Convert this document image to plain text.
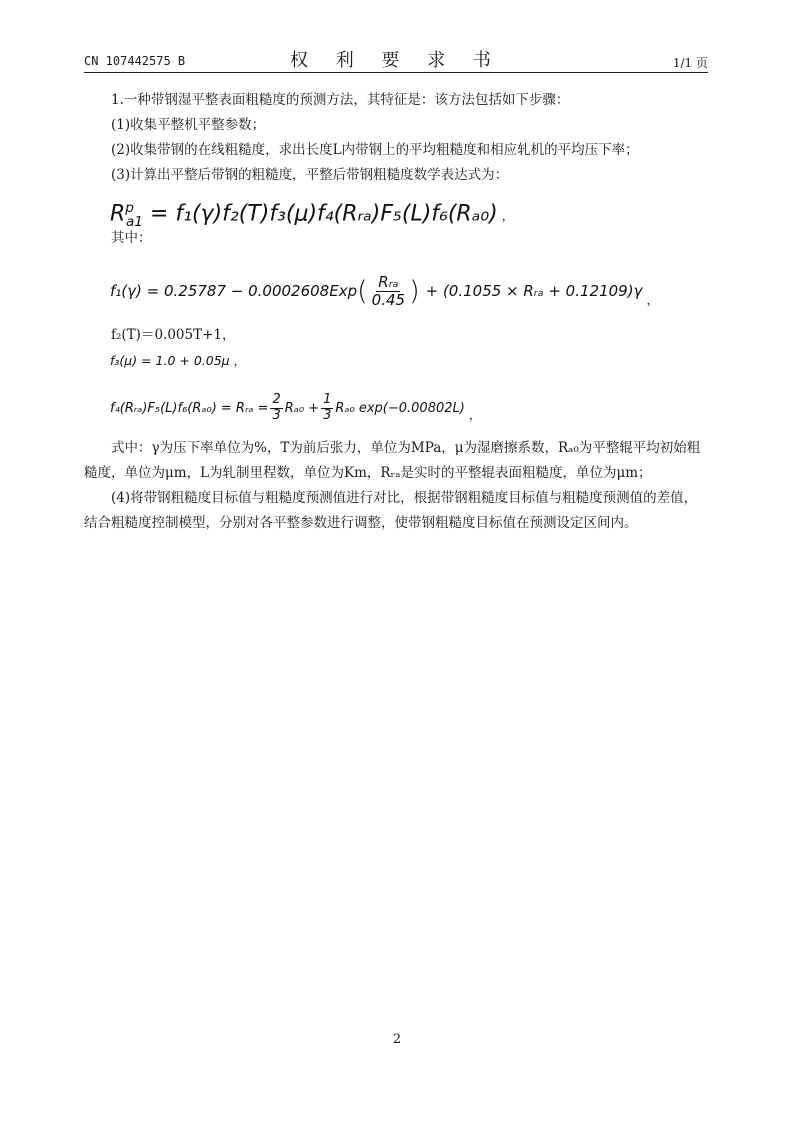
CN 107442575 B	权 利 要 求 书	1/1 页

1.一种带钢湿平整表面粗糙度的预测方法，其特征是：该方法包括如下步骤：

(1)收集平整机平整参数；

(2)收集带钢的在线粗糙度，求出长度L内带钢上的平均粗糙度和相应轧机的平均压下率；

(3)计算出平整后带钢的粗糙度，平整后带钢粗糙度数学表达式为：

$R^p_{a1}$ = f₁(γ)f₂(T)f₃(μ)f₄(Rᵣₐ)F₅(L)f₆(Rₐ₀) ，

其中：

f₁(γ) = 0.25787 − 0.0002608Exp ( $\frac{\text{Rᵣₐ}}{0.45}$ ) + (0.1055 × Rᵣₐ + 0.12109)γ
，

f₂(T)＝0.005T+1，

f₃(μ) = 1.0 + 0.05μ ，
f₄(Rᵣₐ)F₅(L)f₆(Rₐ₀) = Rᵣₐ = $\frac{2}{3} R_{a0} + \frac{1}{3} R_{a0}$ exp(−0.00802L) ，

式中：γ为压下率单位为%，T为前后张力，单位为MPa，μ为湿磨擦系数，Rₐ₀为平整辊平均初始粗糙度，单位为μm，L为轧制里程数，单位为Km，Rᵣₐ是实时的平整辊表面粗糙度，单位为μm；

(4)将带钢粗糙度目标值与粗糙度预测值进行对比，根据带钢粗糙度目标值与粗糙度预测值的差值，结合粗糙度控制模型，分别对各平整参数进行调整，使带钢粗糙度目标值在预测设定区间内。

2
